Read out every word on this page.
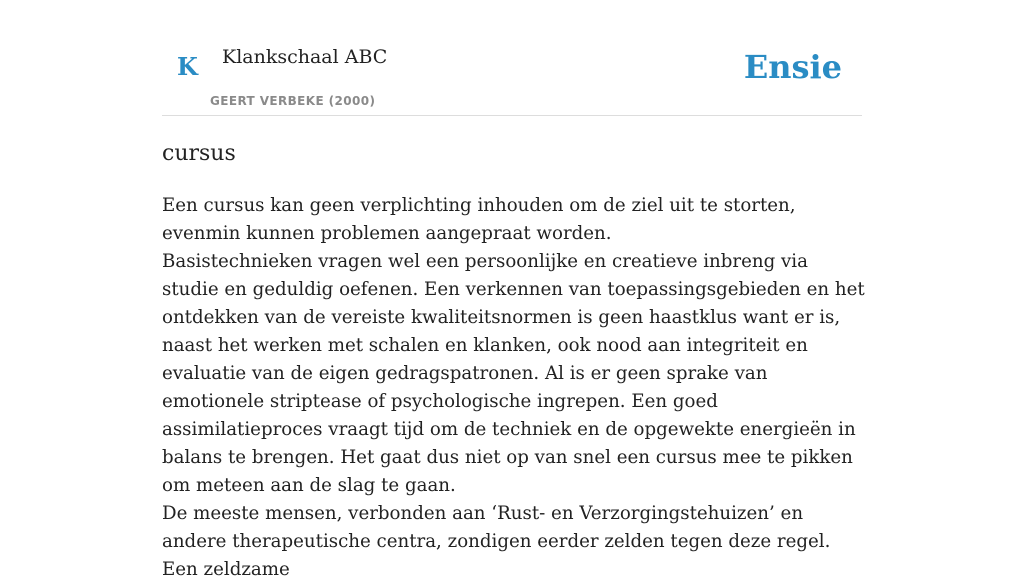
K Klankschaal ABC
GEERT VERBEKE (2000)
Ensie
cursus

Een cursus kan geen verplichting inhouden om de ziel uit te storten, evenmin kunnen problemen aangepraat worden.

Basistechnieken vragen wel een persoonlijke en creatieve inbreng via studie en geduldig oefenen. Een verkennen van toepassingsgebieden en het ontdekken van de vereiste kwaliteitsnormen is geen haastklus want er is, naast het werken met schalen en klanken, ook nood aan integriteit en evaluatie van de eigen gedragspatronen. Al is er geen sprake van emotionele striptease of psychologische ingrepen. Een goed assimilatieproces vraagt tijd om de techniek en de opgewekte energieën in balans te brengen. Het gaat dus niet op van snel een cursus mee te pikken om meteen aan de slag te gaan.

De meeste mensen, verbonden aan ‘Rust- en Verzorgingstehuizen’ en andere therapeutische centra, zondigen eerder zelden tegen deze regel. Een zeldzame
